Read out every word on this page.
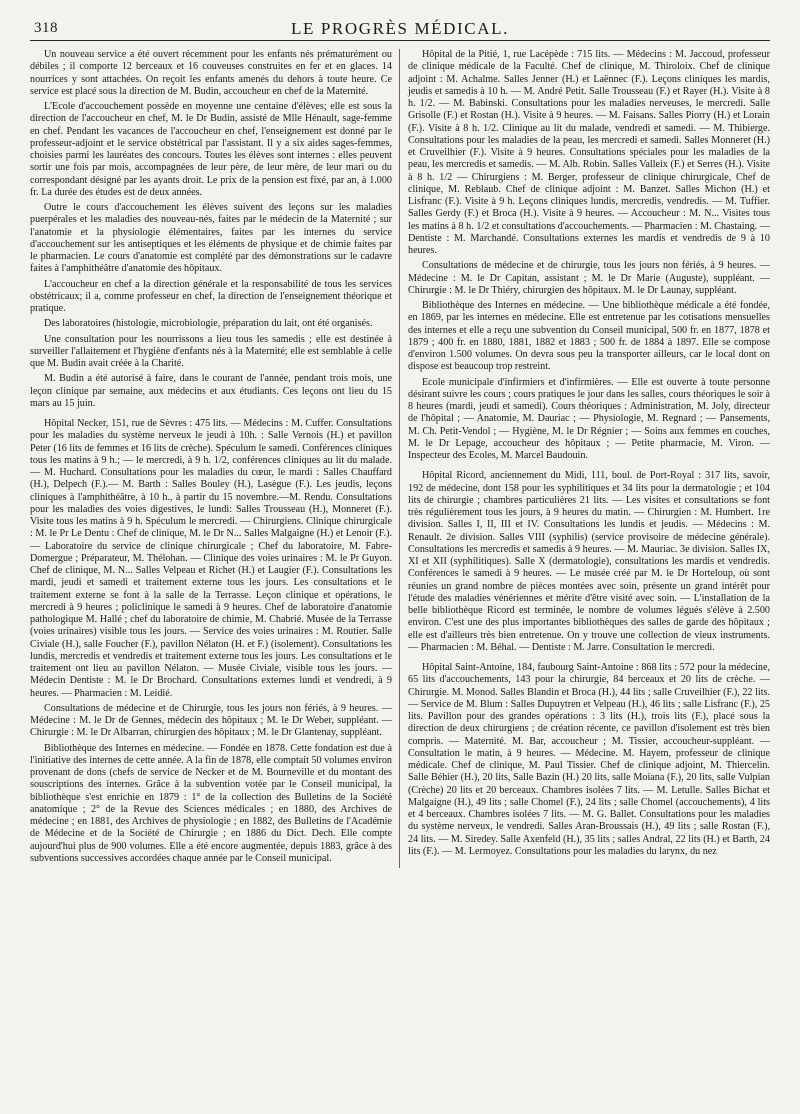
318	LE PROGRÈS MÉDICAL.

Un nouveau service a été ouvert récemment pour les enfants nés prématurément ou débiles ; il comporte 12 berceaux et 16 couveuses construites en fer et en glaces. 14 nourrices y sont attachées. On reçoit les enfants amenés du dehors à toute heure. Ce service est placé sous la direction de M. Budin, accoucheur en chef de la Maternité.

L'Ecole d'accouchement possède en moyenne une centaine d'élèves; elle est sous la direction de l'accoucheur en chef, M. le Dr Budin, assisté de Mlle Hénault, sage-femme en chef. Pendant les vacances de l'accoucheur en chef, l'enseignement est donné par le professeur-adjoint et le service obstétrical par l'assistant. Il y a six aides sages-femmes, choisies parmi les lauréates des concours. Toutes les élèves sont internes : elles peuvent sortir une fois par mois, accompagnées de leur père, de leur mère, de leur mari ou du correspondant désigné par les ayants droit. Le prix de la pension est fixé, par an, à 1.000 fr. La durée des études est de deux années.

Outre le cours d'accouchement les élèves suivent des leçons sur les maladies puerpérales et les maladies des nouveau-nés, faites par le médecin de la Maternité ; sur l'anatomie et la physiologie élémentaires, faites par les internes du service d'accouchement sur les antiseptiques et les éléments de physique et de chimie faites par le pharmacien. Le cours d'anatomie est complété par des démonstrations sur le cadavre faites à l'amphithéâtre d'anatomie des hôpitaux.

L'accoucheur en chef a la direction générale et la responsabilité de tous les services obstétricaux; il a, comme professeur en chef, la direction de l'enseignement théorique et pratique.

Des laboratoires (histologie, microbiologie, préparation du lait, ont été organisés.

Une consultation pour les nourrissons a lieu tous les samedis ; elle est destinée à surveiller l'allaitement et l'hygiène d'enfants nés à la Maternité; elle est semblable à celle que M. Budin avait créée à la Charité.

M. Budin a été autorisé à faire, dans le courant de l'année, pendant trois mois, une leçon clinique par semaine, aux médecins et aux étudiants. Ces leçons ont lieu du 15 mars au 15 juin.

Hôpital Necker, 151, rue de Sèvres : 475 lits. — Médecins : M. Cuffer. Consultations pour les maladies du système nerveux le jeudi à 10h. : Salle Vernois (H.) et pavillon Peter (16 lits de femmes et 16 lits de crèche). Spéculum le samedi. Conférences cliniques tous les matins à 9 h.; — le mercredi, à 9 h. 1/2, conférences cliniques au lit du malade. — M. Huchard. Consultations pour les maladies du cœur, le mardi : Salles Chauffard (H.), Delpech (F.).— M. Barth : Salles Bouley (H.), Lasègue (F.). Les jeudis, leçons cliniques à l'amphithéâtre, à 10 h., à partir du 15 novembre.—M. Rendu. Consultations pour les maladies des voies digestives, le lundi: Salles Trousseau (H.), Monneret (F.). Visite tous les matins à 9 h. Spéculum le mercredi. — Chirurgiens. Clinique chirurgicale : M. le Pr Le Dentu : Chef de clinique, M. le Dr N... Salles Malgaigne (H.) et Lenoir (F.). — Laboratoire du service de clinique chirurgicale ; Chef du laboratoire, M. Fabre-Domergue ; Préparateur, M. Thélohan. — Clinique des voies urinaires : M. le Pr Guyon. Chef de clinique, M. N... Salles Velpeau et Richet (H.) et Laugier (F.). Consultations les mardi, jeudi et samedi et traitement externe tous les jours. Les consultations et le traitement externe se font à la salle de la Terrasse. Leçon clinique et opérations, le mercredi à 9 heures ; policlinique le samedi à 9 heures. Chef de laboratoire d'anatomie pathologique M. Hallé ; chef du laboratoire de chimie, M. Chabrié. Musée de la Terrasse (voies urinaires) visible tous les jours. — Service des voies urinaires : M. Routier. Salle Civiale (H.), salle Foucher (F.), pavillon Nélaton (H. et F.) (isolement). Consultations les lundis, mercredis et vendredis et traitement externe tous les jours. Les consultations et le traitement ont lieu au pavillon Nélaton. — Musée Civiale, visible tous les jours. — Médecin Dentiste : M. le Dr Brochard. Consultations externes lundi et vendredi, à 9 heures. — Pharmacien : M. Leidié.

Consultations de médecine et de Chirurgie, tous les jours non fériés, à 9 heures. — Médecine : M. le Dr de Gennes, médecin des hôpitaux ; M. le Dr Weber, suppléant. — Chirurgie : M. le Dr Albarran, chirurgien des hôpitaux ; M. le Dr Glantenay, suppléant.

Bibliothèque des Internes en médecine. — Fondée en 1878. Cette fondation est due à l'initiative des internes de cette année. A la fin de 1878, elle comptait 50 volumes environ provenant de dons (chefs de service de Necker et de M. Bourneville et du montant des souscriptions des internes. Grâce à la subvention votée par le Conseil municipal, la bibliothèque s'est enrichie en 1879 : 1° de la collection des Bulletins de la Société anatomique ; 2° de la Revue des Sciences médicales ; en 1880, des Archives de médecine ; en 1881, des Archives de physiologie ; en 1882, des Bulletins de l'Académie de Médecine et de la Société de Chirurgie ; en 1886 du Dict. Dech. Elle compte aujourd'hui plus de 900 volumes. Elle a été encore augmentée, depuis 1883, grâce à des subventions successives accordées chaque année par le Conseil municipal.

Hôpital de la Pitié, 1, rue Lacépède : 715 lits. — Médecins : M. Jaccoud, professeur de clinique médicale de la Faculté. Chef de clinique, M. Thiroloix. Chef de clinique adjoint : M. Achalme. Salles Jenner (H.) et Laënnec (F.). Leçons cliniques les mardis, jeudis et samedis à 10 h. — M. André Petit. Salle Trousseau (F.) et Rayer (H.). Visite à 8 h. 1/2. — M. Babinski. Consultations pour les maladies nerveuses, le mercredi. Salle Grisolle (F.) et Rostan (H.). Visite à 9 heures. — M. Faisans. Salles Piorry (H.) et Lorain (F.). Visite à 8 h. 1/2. Clinique au lit du malade, vendredi et samedi. — M. Thibierge. Consultations pour les maladies de la peau, les mercredi et samedi. Salles Monneret (H.) et Cruveilhier (F.). Visite à 9 heures. Consultations spéciales pour les maladies de la peau, les mercredis et samedis. — M. Alb. Robin. Salles Valleix (F.) et Serres (H.). Visite à 8 h. 1/2 — Chirurgiens : M. Berger, professeur de clinique chirurgicale, Chef de clinique, M. Reblaub. Chef de clinique adjoint : M. Banzet. Salles Michon (H.) et Lisfranc (F.). Visite à 9 h. Leçons cliniques lundis, mercredis, vendredis. — M. Tuffier. Salles Gerdy (F.) et Broca (H.). Visite à 9 heures. — Accoucheur : M. N... Visites tous les matins à 8 h. 1/2 et consultations d'accouchements. — Pharmacien : M. Chastaing. — Dentiste : M. Marchandé. Consultations externes les mardis et vendredis de 9 à 10 heures.

Consultations de médecine et de chirurgie, tous les jours non fériés, à 9 heures. — Médecine : M. le Dr Capitan, assistant ; M. le Dr Marie (Auguste), suppléant. — Chirurgie : M. le Dr Thiéry, chirurgien des hôpitaux. M. le Dr Launay, suppléant.

Bibliothèque des Internes en médecine. — Une bibliothèque médicale a été fondée, en 1869, par les internes en médecine. Elle est entretenue par les cotisations mensuelles des internes et elle a reçu une subvention du Conseil municipal, 500 fr. en 1877, 1878 et 1879 ; 400 fr. en 1880, 1881, 1882 et 1883 ; 500 fr. de 1884 à 1897. Elle se compose d'environ 1.500 volumes. On devra sous peu la transporter ailleurs, car le local dont on dispose est beaucoup trop restreint.

Ecole municipale d'infirmiers et d'infirmières. — Elle est ouverte à toute personne désirant suivre les cours ; cours pratiques le jour dans les salles, cours théoriques le soir à 8 heures (mardi, jeudi et samedi). Cours théoriques : Administration, M. Joly, directeur de l'hôpital ; — Anatomie, M. Dauriac ; — Physiologie, M. Regnard ; — Pansements, M. Ch. Petit-Vendol ; — Hygiène, M. le Dr Régnier ; — Soins aux femmes en couches, M. le Dr Lepage, accoucheur des hôpitaux ; — Petite pharmacie, M. Viron. — Inspecteur des Ecoles, M. Marcel Baudouin.

Hôpital Ricord, anciennement du Midi, 111, boul. de Port-Royal : 317 lits, savoir, 192 de médecine, dont 158 pour les syphilitiques et 34 lits pour la dermatologie ; et 104 lits de chirurgie ; chambres particulières 21 lits. — Les visites et consultations se font très régulièrement tous les jours, à 9 heures du matin. — Chirurgien : M. Humbert. 1re division. Salles I, II, III et IV. Consultations les lundis et jeudis. — Médecins : M. Renault. 2e division. Salles VIII (syphilis) (service provisoire de médecine générale). Consultations les mercredis et samedis à 9 heures. — M. Mauriac. 3e division. Salles IX, XI et XII (syphilitiques). Salle X (dermatologie), consultations les mardis et vendredis. Conférences le samedi à 9 heures. — Le musée créé par M. le Dr Horteloup, où sont réunies un grand nombre de pièces montées avec soin, présente un grand intérêt pour l'étude des maladies vénériennes et mérite d'être visité avec soin. — L'installation de la belle bibliothèque Ricord est terminée, le nombre de volumes légués s'élève à 2.500 environ. C'est une des plus importantes bibliothèques des salles de garde des hôpitaux ; elle est d'ailleurs très bien entretenue. On y trouve une collection de vieux instruments. — Pharmacien : M. Béhal. — Dentiste : M. Jarre. Consultation le mercredi.

Hôpital Saint-Antoine, 184, faubourg Saint-Antoine : 868 lits : 572 pour la médecine, 65 lits d'accouchements, 143 pour la chirurgie, 84 berceaux et 20 lits de crèche. — Chirurgie. M. Monod. Salles Blandin et Broca (H.), 44 lits ; salle Cruveilhier (F.), 22 lits. — Service de M. Blum : Salles Dupuytren et Velpeau (H.), 46 lits ; salle Lisfranc (F.), 25 lits. Pavillon pour des grandes opérations : 3 lits (H.), trois lits (F.), placé sous la direction de deux chirurgiens ; de création récente, ce pavillon d'isolement est très bien compris. — Maternité. M. Bar, accoucheur ; M. Tissier, accoucheur-suppléant. — Consultation le matin, à 9 heures. — Médecine. M. Hayem, professeur de clinique médicale. Chef de clinique, M. Paul Tissier. Chef de clinique adjoint, M. Thiercelin. Salle Béhier (H.), 20 lits, Salle Bazin (H.) 20 lits, salle Moiana (F.), 20 lits, salle Vulpian (Crèche) 20 lits et 20 berceaux. Chambres isolées 7 lits. — M. Letulle. Salles Bichat et Malgaigne (H.), 49 lits ; salle Chomel (F.), 24 lits ; salle Chomel (accouchements), 4 lits et 4 berceaux. Chambres isolées 7 lits. — M. G. Ballet. Consultations pour les maladies du système nerveux, le vendredi. Salles Aran-Broussais (H.), 49 lits ; salle Rostan (F.), 24 lits. — M. Siredey. Salle Axenfeld (H.), 35 lits ; salles Andral, 22 lits (H.) et Barth, 24 lits (F.). — M. Lermoyez. Consultations pour les maladies du larynx, du nez
